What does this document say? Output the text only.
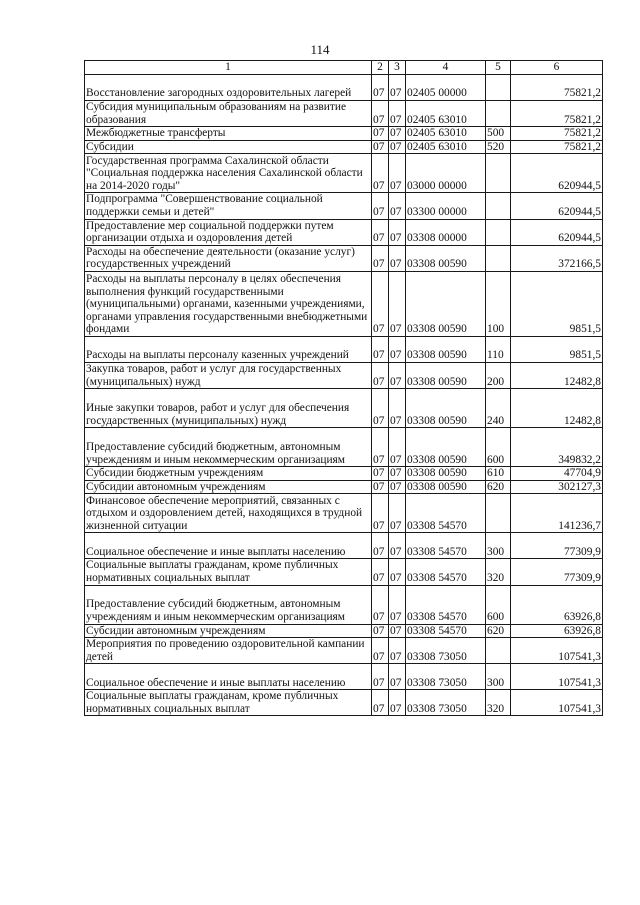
114
1	2	3	4	5	6
Восстановление загородных оздоровительных лагерей	07	07	02405 00000		75821,2
Субсидия муниципальным образованиям на развитие образования	07	07	02405 63010		75821,2
Межбюджетные трансферты	07	07	02405 63010	500	75821,2
Субсидии	07	07	02405 63010	520	75821,2
Государственная программа Сахалинской области "Социальная поддержка населения Сахалинской области на 2014-2020 годы"	07	07	03000 00000		620944,5
Подпрограмма "Совершенствование социальной поддержки семьи и детей"	07	07	03300 00000		620944,5
Предоставление мер социальной поддержки путем организации отдыха и оздоровления детей	07	07	03308 00000		620944,5
Расходы на обеспечение деятельности (оказание услуг) государственных учреждений	07	07	03308 00590		372166,5
Расходы на выплаты персоналу в целях обеспечения выполнения функций государственными (муниципальными) органами, казенными учреждениями, органами управления государственными внебюджетными фондами	07	07	03308 00590	100	9851,5
Расходы на выплаты персоналу казенных учреждений	07	07	03308 00590	110	9851,5
Закупка товаров, работ и услуг для государственных (муниципальных) нужд	07	07	03308 00590	200	12482,8
Иные закупки товаров, работ и услуг для обеспечения государственных (муниципальных) нужд	07	07	03308 00590	240	12482,8
Предоставление субсидий бюджетным, автономным учреждениям и иным некоммерческим организациям	07	07	03308 00590	600	349832,2
Субсидии бюджетным учреждениям	07	07	03308 00590	610	47704,9
Субсидии автономным учреждениям	07	07	03308 00590	620	302127,3
Финансовое обеспечение мероприятий, связанных с отдыхом и оздоровлением детей, находящихся в трудной жизненной ситуации	07	07	03308 54570		141236,7
Социальное обеспечение и иные выплаты населению	07	07	03308 54570	300	77309,9
Социальные выплаты гражданам, кроме публичных нормативных социальных выплат	07	07	03308 54570	320	77309,9
Предоставление субсидий бюджетным, автономным учреждениям и иным некоммерческим организациям	07	07	03308 54570	600	63926,8
Субсидии автономным учреждениям	07	07	03308 54570	620	63926,8
Мероприятия по проведению оздоровительной кампании детей	07	07	03308 73050		107541,3
Социальное обеспечение и иные выплаты населению	07	07	03308 73050	300	107541,3
Социальные выплаты гражданам, кроме публичных нормативных социальных выплат	07	07	03308 73050	320	107541,3
